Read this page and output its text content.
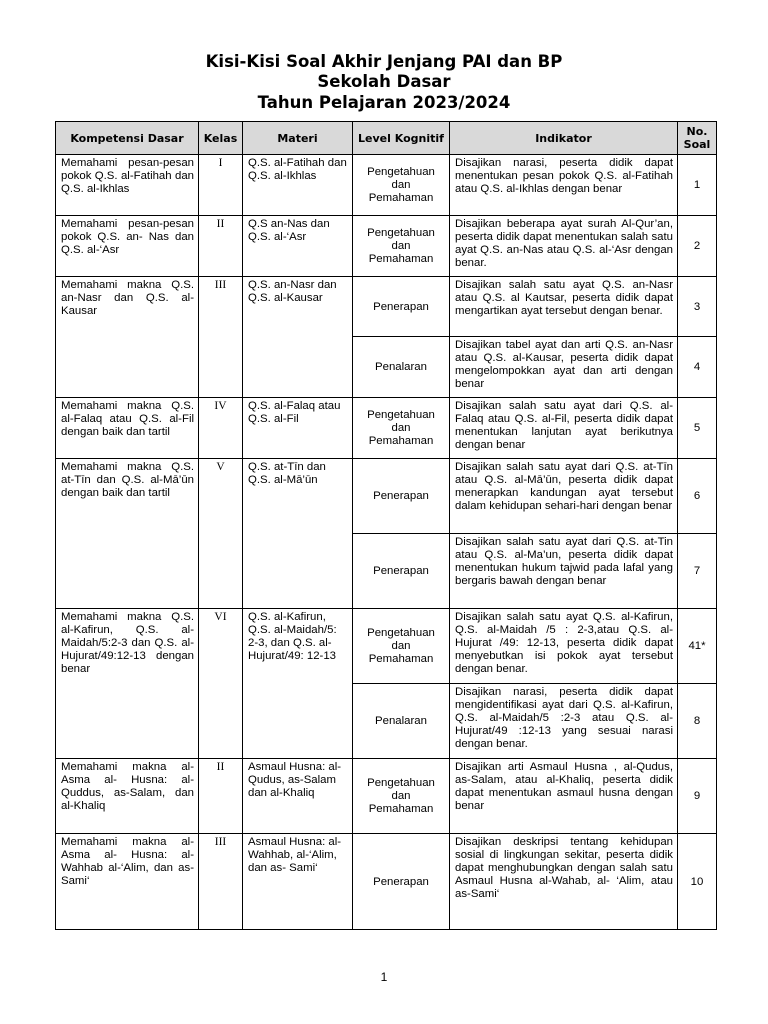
Kisi-Kisi Soal Akhir Jenjang PAI dan BP
Sekolah Dasar
Tahun Pelajaran 2023/2024
Kompetensi Dasar	Kelas	Materi	Level Kognitif	Indikator	No.
Soal
Memahami pesan-pesan pokok Q.S. al-Fatihah dan Q.S. al-Ikhlas	I	Q.S. al-Fatihah dan Q.S. al-Ikhlas	Pengetahuan dan Pemahaman	Disajikan narasi, peserta didik dapat menentukan pesan pokok Q.S. al-Fatihah atau Q.S. al-Ikhlas dengan benar	1
Memahami pesan-pesan pokok Q.S. an- Nas dan Q.S. al-‘Asr	II	Q.S an-Nas dan Q.S. al-‘Asr	Pengetahuan dan Pemahaman	Disajikan beberapa ayat surah Al-Qur’an, peserta didik dapat menentukan salah satu ayat Q.S. an-Nas atau Q.S. al-‘Asr dengan benar.	2
Memahami makna Q.S. an-Nasr dan Q.S. al- Kausar	III	Q.S. an-Nasr dan Q.S. al-Kausar	Penerapan	Disajikan salah satu ayat Q.S. an-Nasr atau Q.S. al Kautsar, peserta didik dapat mengartikan ayat tersebut dengan benar.	3
			Penalaran	Disajikan tabel ayat dan arti Q.S. an-Nasr atau Q.S. al-Kausar, peserta didik dapat mengelompokkan ayat dan arti dengan benar	4
Memahami makna Q.S. al-Falaq atau Q.S. al-Fil dengan baik dan tartil	IV	Q.S. al-Falaq atau Q.S. al-Fil	Pengetahuan dan Pemahaman	Disajikan salah satu ayat dari Q.S. al-Falaq atau Q.S. al-Fil, peserta didik dapat menentukan lanjutan ayat berikutnya dengan benar	5
Memahami makna Q.S. at-Tīn dan Q.S. al-Mā’ūn dengan baik dan tartil	V	Q.S. at-Tīn dan Q.S. al-Mā’ūn	Penerapan	Disajikan salah satu ayat dari Q.S. at-Tīn atau Q.S. al-Mā’ūn, peserta didik dapat menerapkan kandungan ayat tersebut dalam kehidupan sehari-hari dengan benar	6
			Penerapan	Disajikan salah satu ayat dari Q.S. at-Tin atau Q.S. al-Ma’un, peserta didik dapat menentukan hukum tajwid pada lafal yang bergaris bawah dengan benar	7
Memahami makna Q.S. al-Kafirun, Q.S. al-Maidah/5:2-3 dan Q.S. al-Hujurat/49:12-13 dengan benar	VI	Q.S. al-Kafirun, Q.S. al-Maidah/5: 2-3, dan Q.S. al-Hujurat/49: 12-13	Pengetahuan dan Pemahaman	Disajikan salah satu ayat Q.S. al-Kafirun, Q.S. al-Maidah /5 : 2-3,atau Q.S. al-Hujurat /49: 12-13, peserta didik dapat menyebutkan isi pokok ayat tersebut dengan benar.	41*
			Penalaran	Disajikan narasi, peserta didik dapat mengidentifikasi ayat dari Q.S. al-Kafirun, Q.S. al-Maidah/5 :2-3 atau Q.S. al-Hujurat/49 :12-13 yang sesuai narasi dengan benar.	8
Memahami makna al-Asma al- Husna: al-Quddus, as-Salam, dan al-Khaliq	II	Asmaul Husna: al-Qudus, as-Salam dan al-Khaliq	Pengetahuan dan Pemahaman	Disajikan arti Asmaul Husna , al-Qudus, as-Salam, atau al-Khaliq, peserta didik dapat menentukan asmaul husna dengan benar	9
Memahami makna al-Asma al- Husna: al-Wahhab al-‘Alim, dan as-Sami‘	III	Asmaul Husna: al- Wahhab, al-‘Alim, dan as- Sami‘	Penerapan	Disajikan deskripsi tentang kehidupan sosial di lingkungan sekitar, peserta didik dapat menghubungkan dengan salah satu Asmaul Husna al-Wahab, al- ‘Alim, atau as-Sami‘	10
1
